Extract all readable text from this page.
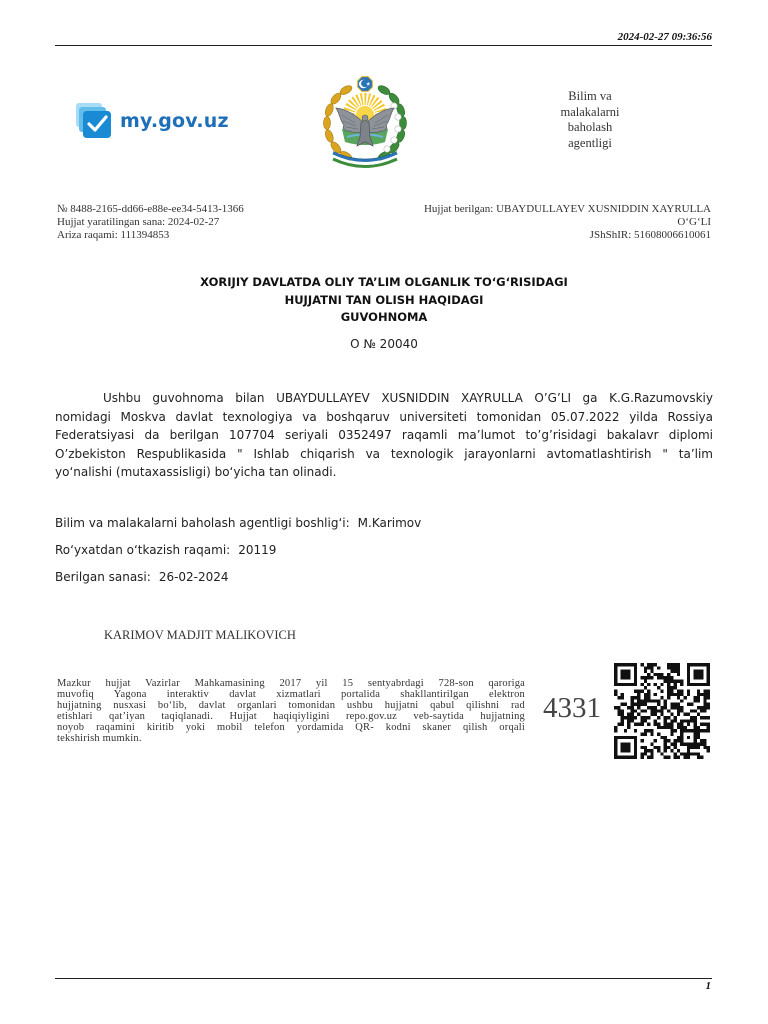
2024-02-27 09:36:56
my.gov.uz
Bilim va
malakalarni
baholash
agentligi
№ 8488-2165-dd66-e88e-ee34-5413-1366
Hujjat yaratilingan sana: 2024-02-27
Ariza raqami: 111394853
Hujjat berilgan: UBAYDULLAYEV XUSNIDDIN XAYRULLA
O‘G‘LI
JShShIR: 51608006610061
XORIJIY DAVLATDA OLIY TA’LIM OLGANLIK TO‘G‘RISIDAGI
HUJJATNI TAN OLISH HAQIDAGI
GUVOHNOMA
O № 20040
Ushbu guvohnoma bilan UBAYDULLAYEV XUSNIDDIN XAYRULLA O’G’LI ga K.G.Razumovskiy
nomidagi Moskva davlat texnologiya va boshqaruv universiteti tomonidan 05.07.2022 yilda Rossiya
Federatsiyasi da berilgan 107704 seriyali 0352497 raqamli ma’lumot to’g’risidagi bakalavr diplomi
O’zbekiston Respublikasida " Ishlab chiqarish va texnologik jarayonlarni avtomatlashtirish " ta’lim
yo‘nalishi (mutaxassisligi) bo‘yicha tan olinadi.
Bilim va malakalarni baholash agentligi boshlig‘i: M.Karimov
Ro‘yxatdan o‘tkazish raqami: 20119
Berilgan sanasi: 26-02-2024
KARIMOV MADJIT MALIKOVICH
Mazkur hujjat Vazirlar Mahkamasining 2017 yil 15 sentyabrdagi 728-son qaroriga
muvofiq Yagona interaktiv davlat xizmatlari portalida shakllantirilgan elektron
hujjatning nusxasi bo‘lib, davlat organlari tomonidan ushbu hujjatni qabul qilishni rad
etishlari qat’iyan taqiqlanadi. Hujjat haqiqiyligini repo.gov.uz veb-saytida hujjatning
noyob raqamini kiritib yoki mobil telefon yordamida QR- kodni skaner qilish orqali
tekshirish mumkin.
4331
1
